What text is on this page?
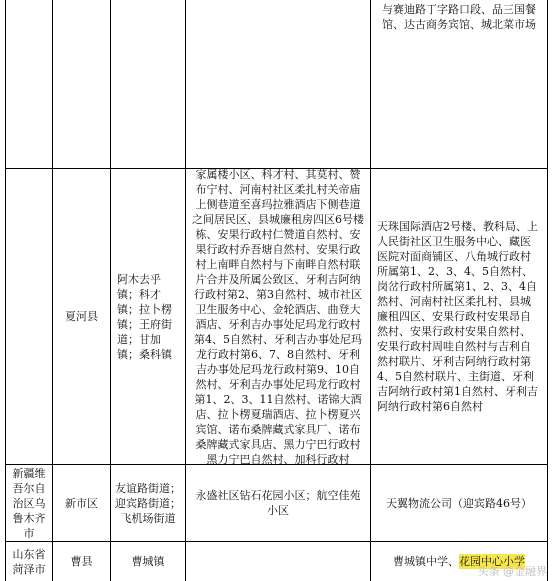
与赛迪路丁字路口段、品三国餐馆、达古商务宾馆、城北菜市场
夏河县
阿木去乎镇；科才镇；拉卜楞镇；王府街道；甘加镇；桑科镇
家属楼小区、科才村、其莫村、赞布宁村、河南村社区柔扎村关帝庙上侧巷道至喜玛拉雅酒店下侧巷道之间居民区、县城廉租房四区6号楼栋、安果行政村仁赞道自然村、安果行政村乔吾塘自然村、安果行政村上南畔自然村与下南畔自然村联片合并及所属公致区、牙利吉阿纳行政村第2、第3自然村、城市社区卫生服务中心、金轮酒店、曲登大酒店、牙利吉办事处尼玛龙行政村第4、5自然村、牙利吉办事处尼玛龙行政村第6、7、8自然村、牙利吉办事处尼玛龙行政村第9、10自然村、牙利吉办事处尼玛龙行政村第1、2、3、11自然村、诺锦大酒店、拉卜楞夏瑞酒店、拉卜楞夏兴宾馆、诺布桑牌藏式家具厂、诺布桑牌藏式家具店、黑力宁巴行政村黑力宁巴自然村、加科行政村
天珠国际酒店2号楼、教科局、上人民街社区卫生服务中心、藏医医院对面商铺区、八角城行政村所属第1、2、3、4、5自然村、岗岔行政村所属第1、2、3、4自然村、河南村社区柔扎村、县城廉租四区、安果行政村安果昂自然村、安果行政村安果自然村、安果行政村周哇自然村与吉利自然村联片、牙利吉阿纳行政村第4、5自然村联片、主街道、牙利吉阿纳行政村第1自然村、牙利吉阿纳行政村第6自然村
新疆维吾尔自治区乌鲁木齐市
新市区
友谊路街道；迎宾路街道；飞机场街道
永盛社区钻石花园小区；航空佳苑小区
天翼物流公司（迎宾路46号）
山东省菏泽市
曹县	曹城镇	曹城镇中学、 花园中心小学
头条 @金融界
